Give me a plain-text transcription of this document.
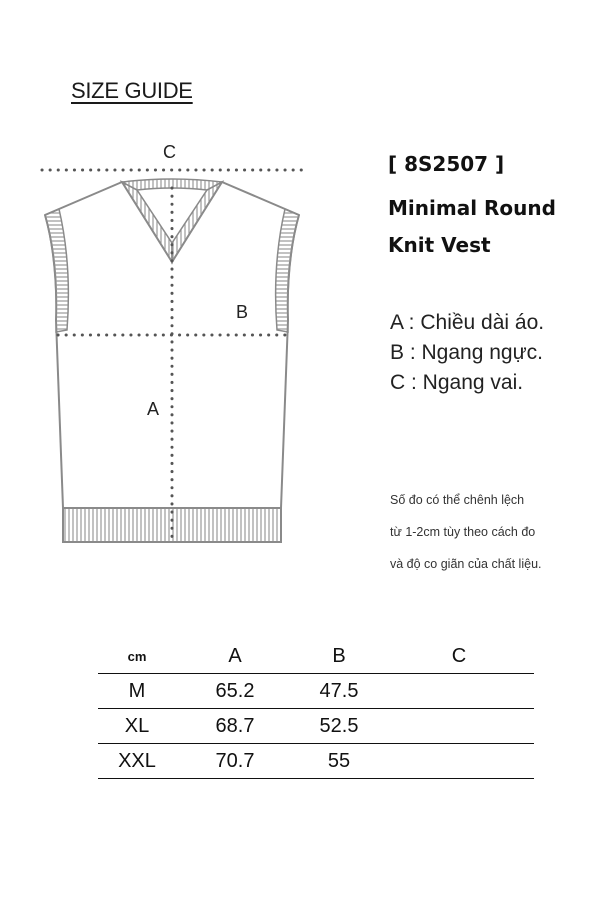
SIZE GUIDE
C
B
A
[ 8S2507 ]
Minimal Round
Knit Vest
A : Chiều dài áo.
B : Ngang ngực.
C : Ngang vai.
Số đo có thể chênh lệch
từ 1-2cm tùy theo cách đo
và độ co giãn của chất liệu.
cm	A	B	C
M	65.2	47.5	
XL	68.7	52.5	
XXL	70.7	55	
